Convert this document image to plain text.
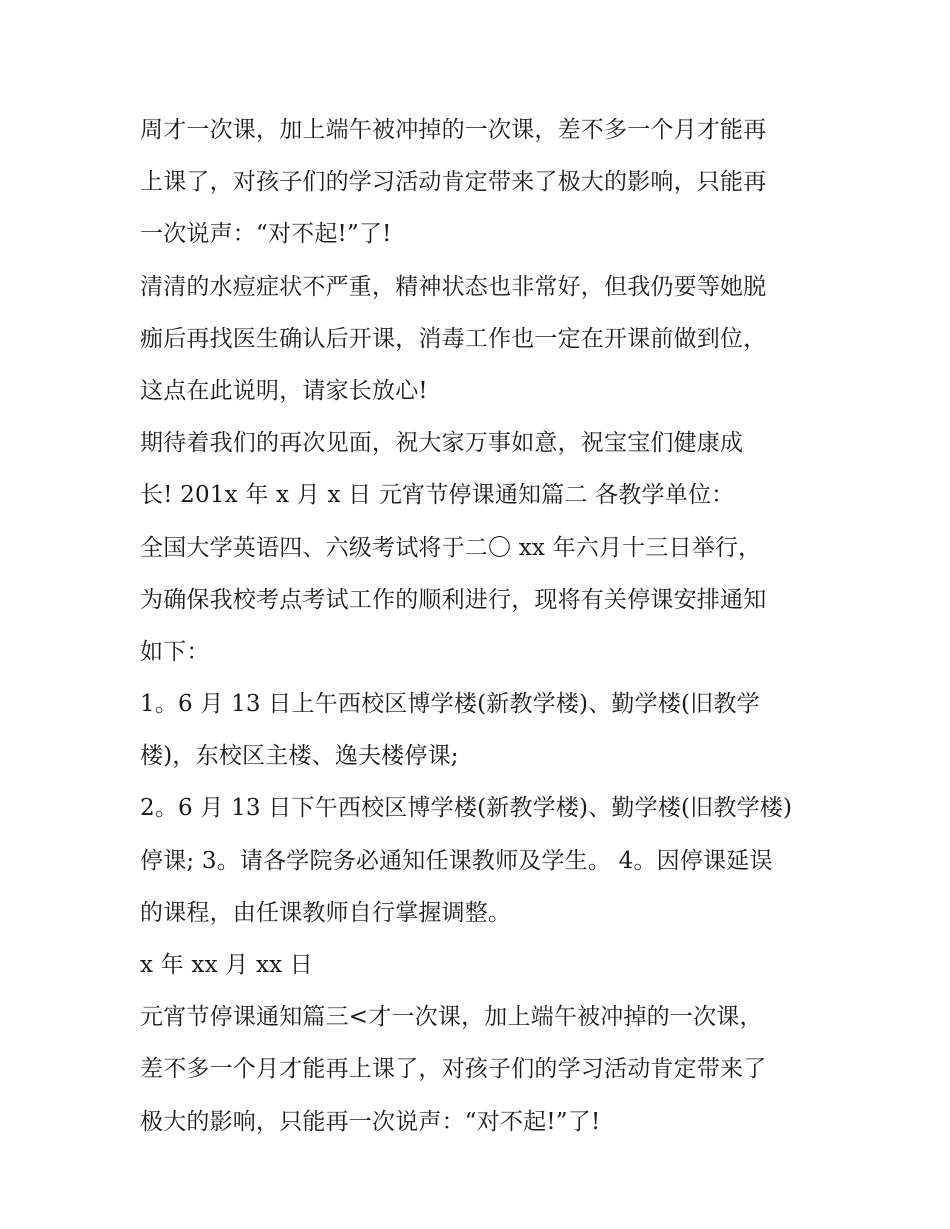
周才一次课，加上端午被冲掉的一次课，差不多一个月才能再
上课了，对孩子们的学习活动肯定带来了极大的影响，只能再
一次说声：“对不起!”了!
清清的水痘症状不严重，精神状态也非常好，但我仍要等她脱
痂后再找医生确认后开课，消毒工作也一定在开课前做到位，
这点在此说明，请家长放心!
期待着我们的再次见面，祝大家万事如意，祝宝宝们健康成
长! 201x 年 x 月 x 日 元宵节停课通知篇二 各教学单位：
全国大学英语四、六级考试将于二〇 xx 年六月十三日举行，
为确保我校考点考试工作的顺利进行，现将有关停课安排通知
如下：
1。6 月 13 日上午西校区博学楼(新教学楼)、勤学楼(旧教学
楼)，东校区主楼、逸夫楼停课;
2。6 月 13 日下午西校区博学楼(新教学楼)、勤学楼(旧教学楼)
停课; 3。请各学院务必通知任课教师及学生。 4。因停课延误
的课程，由任课教师自行掌握调整。
x 年 xx 月 xx 日
元宵节停课通知篇三<才一次课，加上端午被冲掉的一次课，
差不多一个月才能再上课了，对孩子们的学习活动肯定带来了
极大的影响，只能再一次说声：“对不起!”了!
